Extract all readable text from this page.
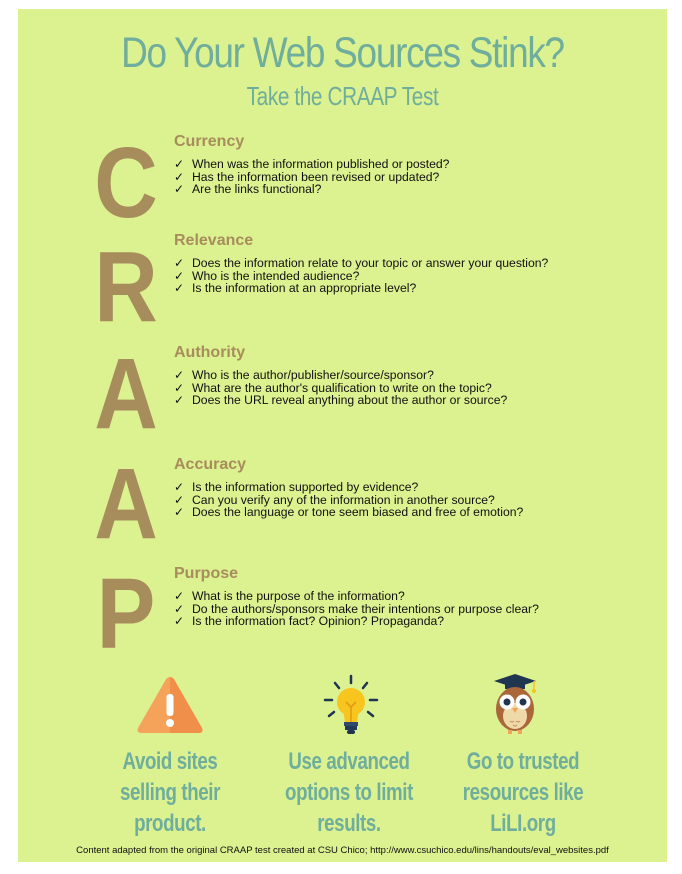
Do Your Web Sources Stink?
Take the CRAAP Test
C
R
A
A
P
Currency
✓ When was the information published or posted?
✓ Has the information been revised or updated?
✓ Are the links functional?
Relevance
✓ Does the information relate to your topic or answer your question?
✓ Who is the intended audience?
✓ Is the information at an appropriate level?
Authority
✓ Who is the author/publisher/source/sponsor?
✓ What are the author's qualification to write on the topic?
✓ Does the URL reveal anything about the author or source?
Accuracy
✓ Is the information supported by evidence?
✓ Can you verify any of the information in another source?
✓ Does the language or tone seem biased and free of emotion?
Purpose
✓ What is the purpose of the information?
✓ Do the authors/sponsors make their intentions or purpose clear?
✓ Is the information fact? Opinion? Propaganda?
Avoid sites
selling their
product.
Use advanced
options to limit
results.
Go to trusted
resources like
LiLI.org
Content adapted from the original CRAAP test created at CSU Chico; http://www.csuchico.edu/lins/handouts/eval_websites.pdf
